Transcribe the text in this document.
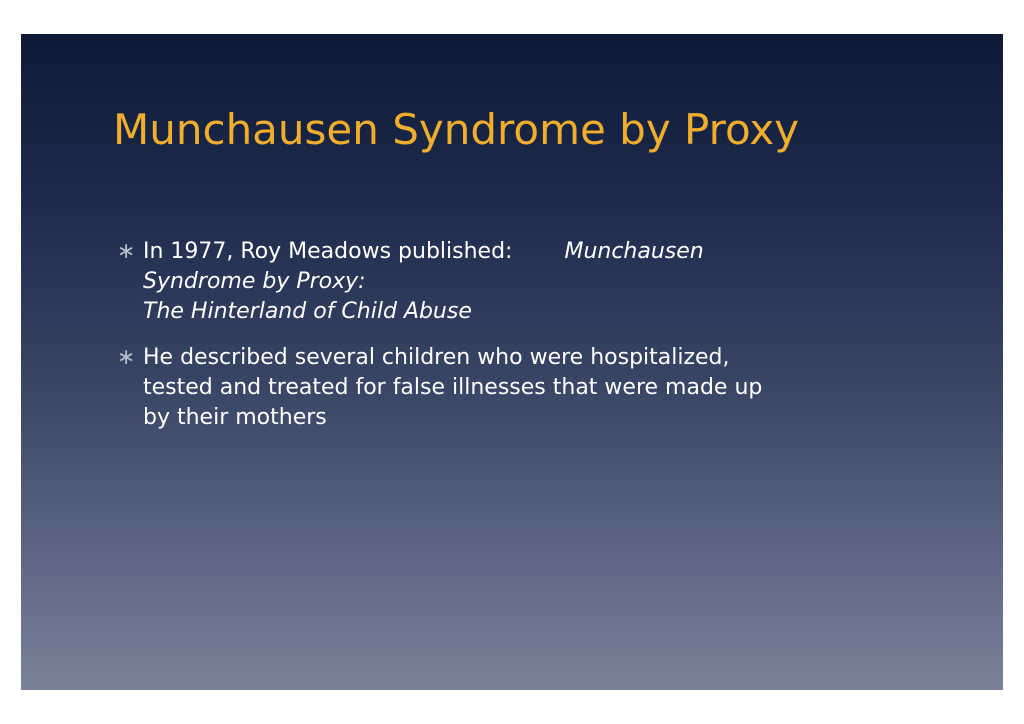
Munchausen Syndrome by Proxy
∗ In 1977, Roy Meadows published: Munchausen
Syndrome by Proxy:
The Hinterland of Child Abuse
∗ He described several children who were hospitalized,
tested and treated for false illnesses that were made up
by their mothers
